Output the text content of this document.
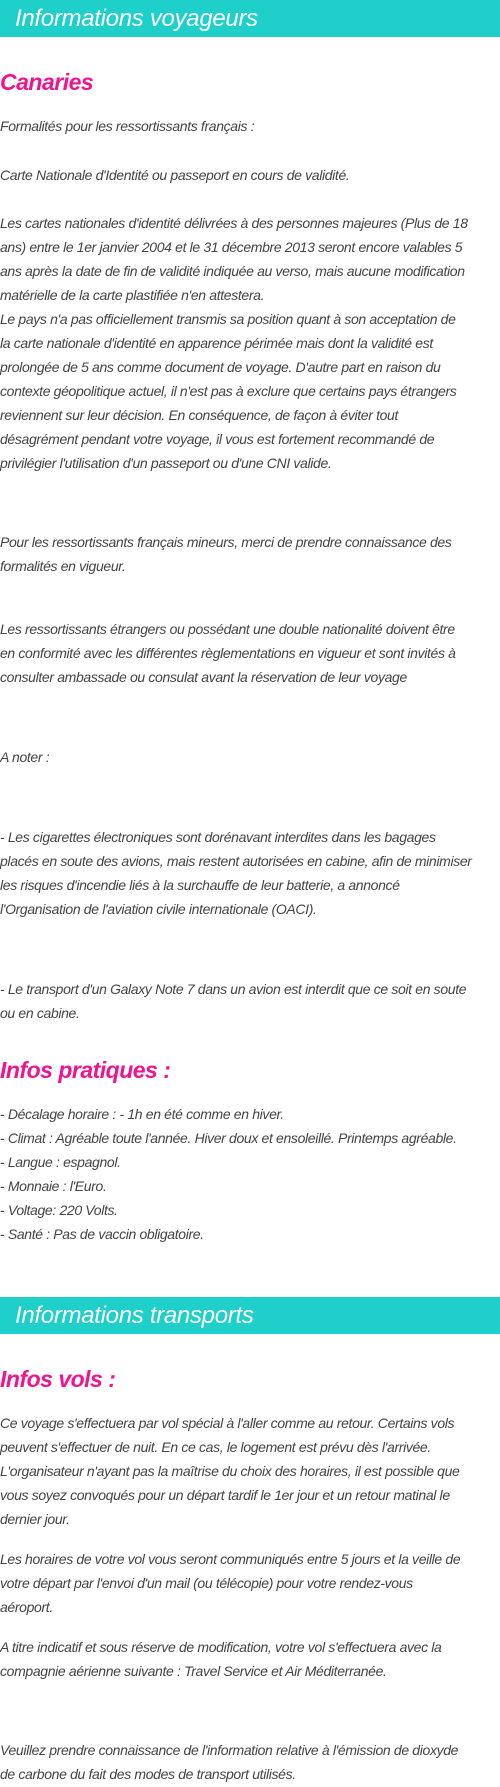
Informations voyageurs
Canaries
Formalités pour les ressortissants français :
Carte Nationale d'Identité ou passeport en cours de validité.
Les cartes nationales d'identité délivrées à des personnes majeures (Plus de 18
ans) entre le 1er janvier 2004 et le 31 décembre 2013 seront encore valables 5
ans après la date de fin de validité indiquée au verso, mais aucune modification
matérielle de la carte plastifiée n'en attestera.
Le pays n'a pas officiellement transmis sa position quant à son acceptation de
la carte nationale d'identité en apparence périmée mais dont la validité est
prolongée de 5 ans comme document de voyage. D'autre part en raison du
contexte géopolitique actuel, il n'est pas à exclure que certains pays étrangers
reviennent sur leur décision. En conséquence, de façon à éviter tout
désagrément pendant votre voyage, il vous est fortement recommandé de
privilégier l'utilisation d'un passeport ou d'une CNI valide.
Pour les ressortissants français mineurs, merci de prendre connaissance des
formalités en vigueur.
Les ressortissants étrangers ou possédant une double nationalité doivent être
en conformité avec les différentes règlementations en vigueur et sont invités à
consulter ambassade ou consulat avant la réservation de leur voyage
A noter :
- Les cigarettes électroniques sont dorénavant interdites dans les bagages
placés en soute des avions, mais restent autorisées en cabine, afin de minimiser
les risques d'incendie liés à la surchauffe de leur batterie, a annoncé
l'Organisation de l'aviation civile internationale (OACI).
- Le transport d'un Galaxy Note 7 dans un avion est interdit que ce soit en soute
ou en cabine.
Infos pratiques :
- Décalage horaire : - 1h en été comme en hiver.
- Climat : Agréable toute l'année. Hiver doux et ensoleillé. Printemps agréable.
- Langue : espagnol.
- Monnaie : l'Euro.
- Voltage: 220 Volts.
- Santé : Pas de vaccin obligatoire.
Informations transports
Infos vols :
Ce voyage s'effectuera par vol spécial à l'aller comme au retour. Certains vols
peuvent s'effectuer de nuit. En ce cas, le logement est prévu dès l'arrivée.
L'organisateur n'ayant pas la maîtrise du choix des horaires, il est possible que
vous soyez convoqués pour un départ tardif le 1er jour et un retour matinal le
dernier jour.
Les horaires de votre vol vous seront communiqués entre 5 jours et la veille de
votre départ par l'envoi d'un mail (ou télécopie) pour votre rendez-vous
aéroport.
A titre indicatif et sous réserve de modification, votre vol s'effectuera avec la
compagnie aérienne suivante : Travel Service et Air Méditerranée.
Veuillez prendre connaissance de l'information relative à l'émission de dioxyde
de carbone du fait des modes de transport utilisés.
